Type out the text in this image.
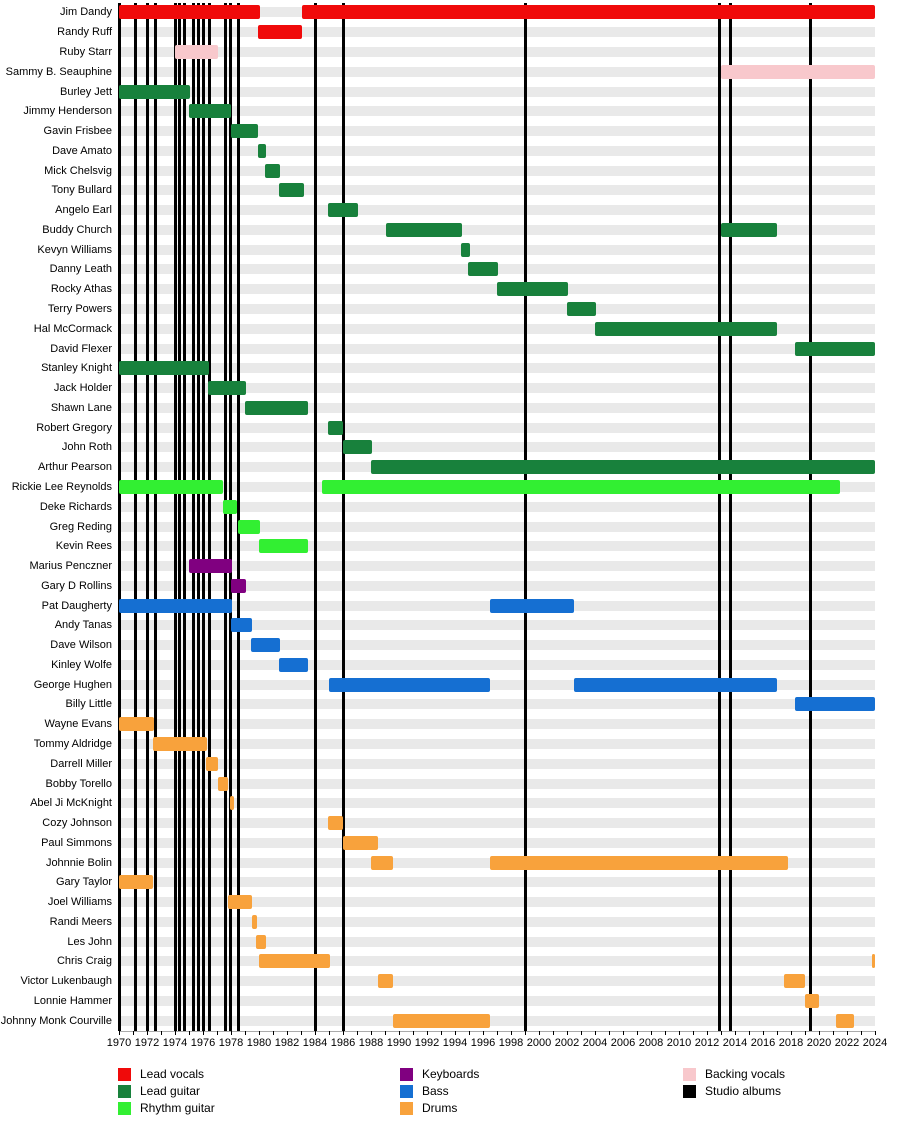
Jim Dandy
Randy Ruff
Ruby Starr
Sammy B. Seauphine
Burley Jett
Jimmy Henderson
Gavin Frisbee
Dave Amato
Mick Chelsvig
Tony Bullard
Angelo Earl
Buddy Church
Kevyn Williams
Danny Leath
Rocky Athas
Terry Powers
Hal McCormack
David Flexer
Stanley Knight
Jack Holder
Shawn Lane
Robert Gregory
John Roth
Arthur Pearson
Rickie Lee Reynolds
Deke Richards
Greg Reding
Kevin Rees
Marius Penczner
Gary D Rollins
Pat Daugherty
Andy Tanas
Dave Wilson
Kinley Wolfe
George Hughen
Billy Little
Wayne Evans
Tommy Aldridge
Darrell Miller
Bobby Torello
Abel Ji McKnight
Cozy Johnson
Paul Simmons
Johnnie Bolin
Gary Taylor
Joel Williams
Randi Meers
Les John
Chris Craig
Victor Lukenbaugh
Lonnie Hammer
Johnny Monk Courville
1970 1972 1974 1976 1978 1980 1982 1984 1986 1988 1990 1992 1994 1996 1998 2000 2002 2004 2006 2008 2010 2012 2014 2016 2018 2020 2022 2024
Lead vocals
Lead guitar
Rhythm guitar
Keyboards
Bass
Drums
Backing vocals
Studio albums
